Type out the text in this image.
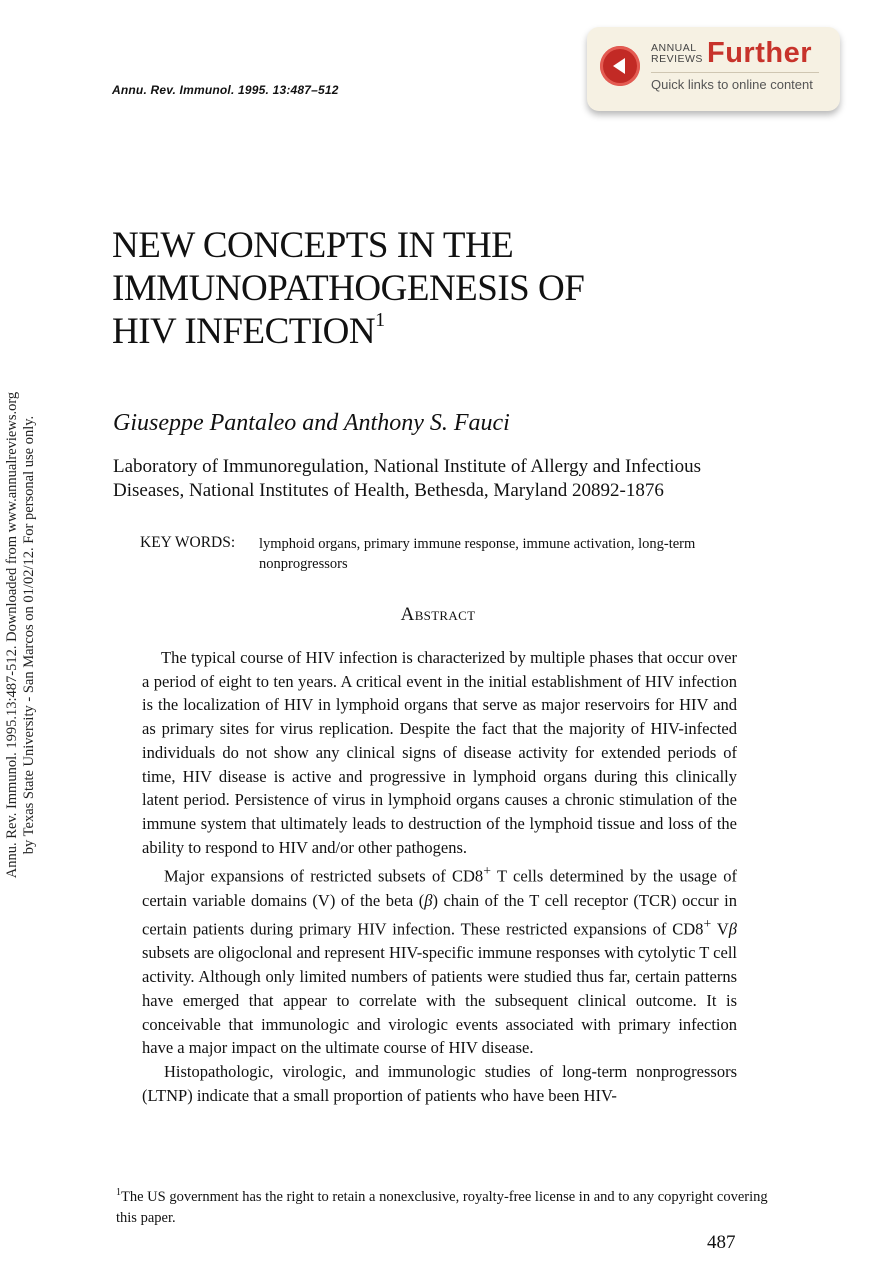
Annu. Rev. Immunol. 1995.13:487-512. Downloaded from www.annualreviews.org by Texas State University - San Marcos on 01/02/12. For personal use only.
Annu. Rev. Immunol. 1995. 13:487–512
ANNUAL
REVIEWS Further
Quick links to online content
NEW CONCEPTS IN THE
IMMUNOPATHOGENESIS OF
HIV INFECTION$^1$
Giuseppe Pantaleo and Anthony S. Fauci
Laboratory of Immunoregulation, National Institute of Allergy and Infectious Diseases, National Institutes of Health, Bethesda, Maryland 20892-1876
KEY WORDS: lymphoid organs, primary immune response, immune activation, long-term nonprogressors
Abstract

The typical course of HIV infection is characterized by multiple phases that occur over a period of eight to ten years. A critical event in the initial establishment of HIV infection is the localization of HIV in lymphoid organs that serve as major reservoirs for HIV and as primary sites for virus replication. Despite the fact that the majority of HIV-infected individuals do not show any clinical signs of disease activity for extended periods of time, HIV disease is active and progressive in lymphoid organs during this clinically latent period. Persistence of virus in lymphoid organs causes a chronic stimulation of the immune system that ultimately leads to destruction of the lymphoid tissue and loss of the ability to respond to HIV and/or other pathogens.

Major expansions of restricted subsets of CD8+ T cells determined by the usage of certain variable domains (V) of the beta (β) chain of the T cell receptor (TCR) occur in certain patients during primary HIV infection. These restricted expansions of CD8+ Vβ subsets are oligoclonal and represent HIV-specific immune responses with cytolytic T cell activity. Although only limited numbers of patients were studied thus far, certain patterns have emerged that appear to correlate with the subsequent clinical outcome. It is conceivable that immunologic and virologic events associated with primary infection have a major impact on the ultimate course of HIV disease.

Histopathologic, virologic, and immunologic studies of long-term nonprogressors (LTNP) indicate that a small proportion of patients who have been HIV-

$^1$The US government has the right to retain a nonexclusive, royalty-free license in and to any copyright covering this paper.
487
